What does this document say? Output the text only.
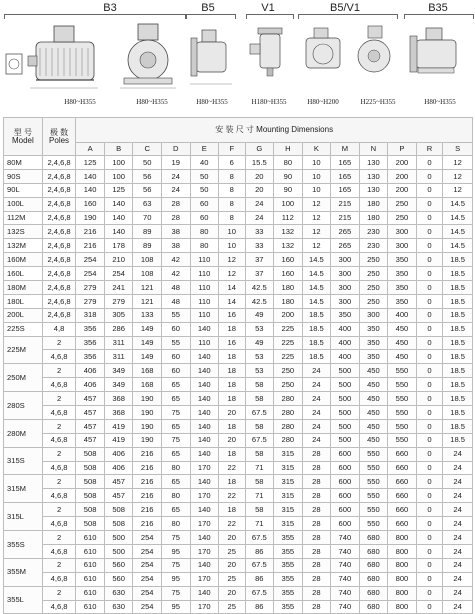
B3	B5	V1	B5/V1	B35
H80~H355	H80~H355	H80~H355	H180~H355	H80~H200	H225~H355	H80~H355
型 号
Model	极 数
Poles	安 装 尺 寸 Mounting Dimensions													
		A	B	C	D	E	F	G	H	K	M	N	P	R	S
80M	2,4,6,8	125	100	50	19	40	6	15.5	80	10	165	130	200	0	12
90S	2,4,6,8	140	100	56	24	50	8	20	90	10	165	130	200	0	12
90L	2,4,6,8	140	125	56	24	50	8	20	90	10	165	130	200	0	12
100L	2,4,6,8	160	140	63	28	60	8	24	100	12	215	180	250	0	14.5
112M	2,4,6,8	190	140	70	28	60	8	24	112	12	215	180	250	0	14.5
132S	2,4,6,8	216	140	89	38	80	10	33	132	12	265	230	300	0	14.5
132M	2,4,6,8	216	178	89	38	80	10	33	132	12	265	230	300	0	14.5
160M	2,4,6,8	254	210	108	42	110	12	37	160	14.5	300	250	350	0	18.5
160L	2,4,6,8	254	254	108	42	110	12	37	160	14.5	300	250	350	0	18.5
180M	2,4,6,8	279	241	121	48	110	14	42.5	180	14.5	300	250	350	0	18.5
180L	2,4,6,8	279	279	121	48	110	14	42.5	180	14.5	300	250	350	0	18.5
200L	2,4,6,8	318	305	133	55	110	16	49	200	18.5	350	300	400	0	18.5
225S	4,8	356	286	149	60	140	18	53	225	18.5	400	350	450	0	18.5
225M	2	356	311	149	55	110	16	49	225	18.5	400	350	450	0	18.5
	4,6,8	356	311	149	60	140	18	53	225	18.5	400	350	450	0	18.5
250M	2	406	349	168	60	140	18	53	250	24	500	450	550	0	18.5
	4,6,8	406	349	168	65	140	18	58	250	24	500	450	550	0	18.5
280S	2	457	368	190	65	140	18	58	280	24	500	450	550	0	18.5
	4,6,8	457	368	190	75	140	20	67.5	280	24	500	450	550	0	18.5
280M	2	457	419	190	65	140	18	58	280	24	500	450	550	0	18.5
	4,6,8	457	419	190	75	140	20	67.5	280	24	500	450	550	0	18.5
315S	2	508	406	216	65	140	18	58	315	28	600	550	660	0	24
	4,6,8	508	406	216	80	170	22	71	315	28	600	550	660	0	24
315M	2	508	457	216	65	140	18	58	315	28	600	550	660	0	24
	4,6,8	508	457	216	80	170	22	71	315	28	600	550	660	0	24
315L	2	508	508	216	65	140	18	58	315	28	600	550	660	0	24
	4,6,8	508	508	216	80	170	22	71	315	28	600	550	660	0	24
355S	2	610	500	254	75	140	20	67.5	355	28	740	680	800	0	24
	4,6,8	610	500	254	95	170	25	86	355	28	740	680	800	0	24
355M	2	610	560	254	75	140	20	67.5	355	28	740	680	800	0	24
	4,6,8	610	560	254	95	170	25	86	355	28	740	680	800	0	24
355L	2	610	630	254	75	140	20	67.5	355	28	740	680	800	0	24
	4,6,8	610	630	254	95	170	25	86	355	28	740	680	800	0	24
